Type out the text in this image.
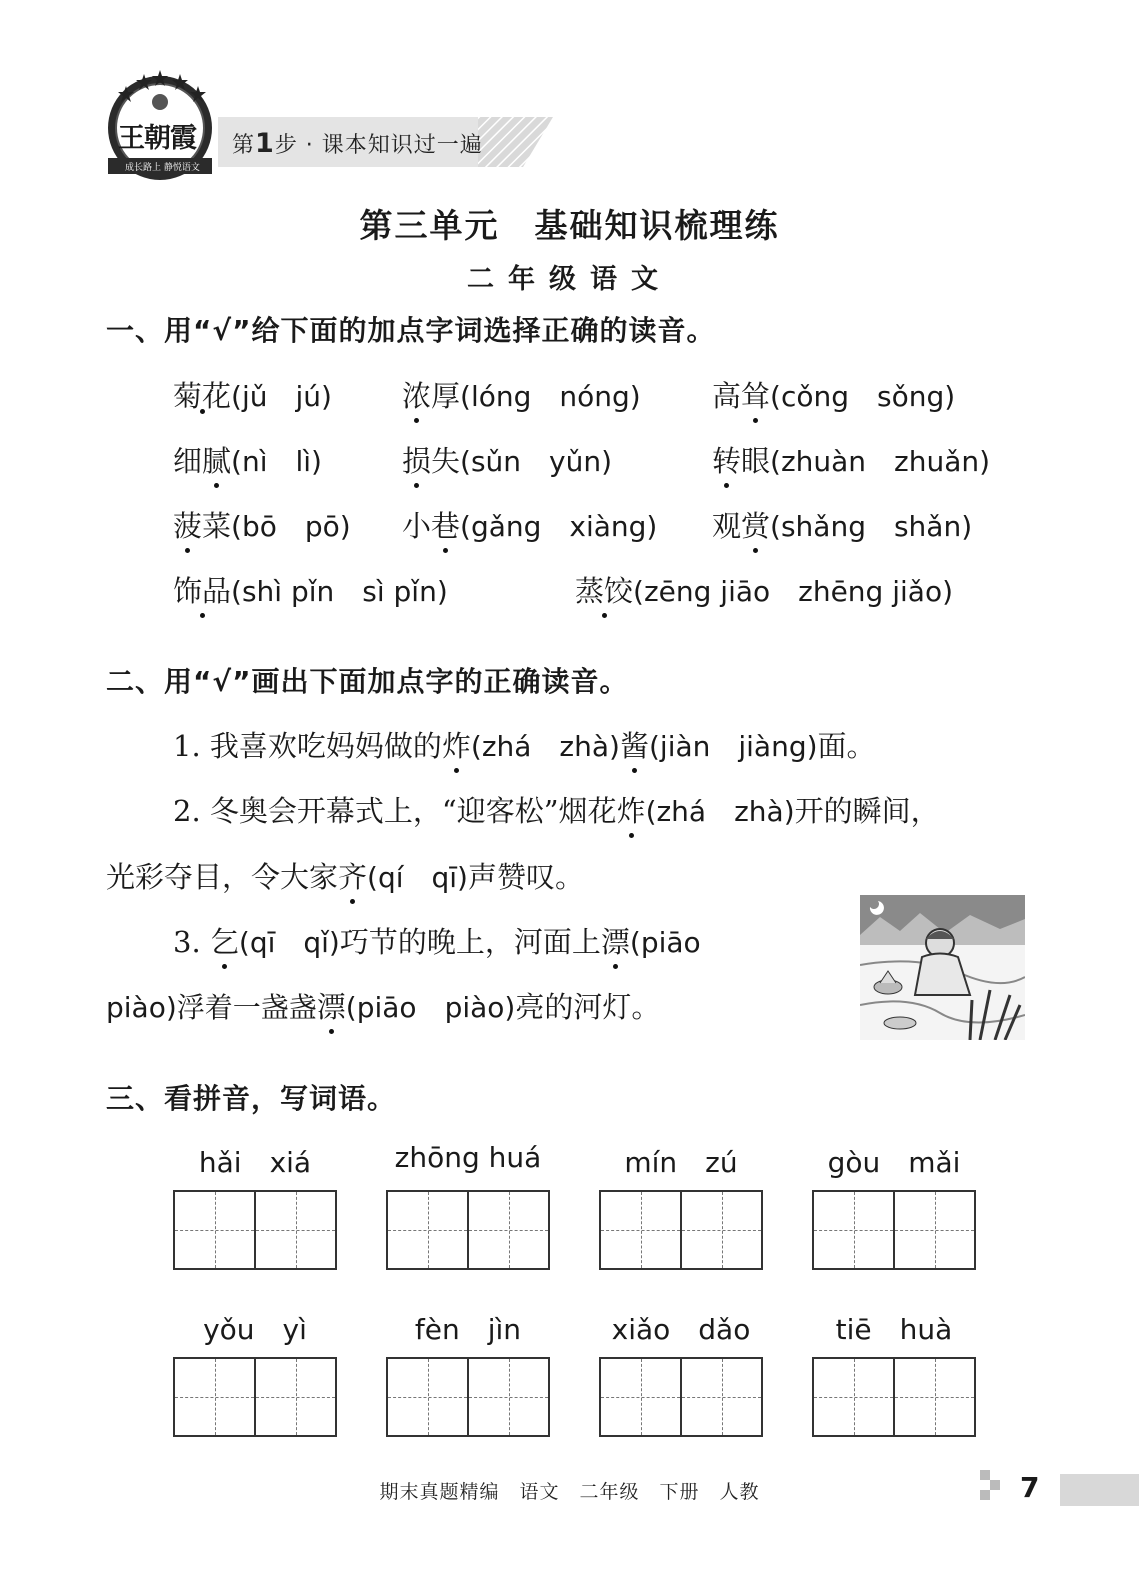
王朝霞
成长路上 静悦语文
第1步 · 课本知识过一遍
第三单元　基础知识梳理练
二年级语文
一、用“√”给下面的加点字词选择正确的读音。
菊花(jǔ　jú) 浓厚(lóng　nóng) 高耸(cǒng　sǒng)
细腻(nì　lì)	损失(sǔn　yǔn)	转眼(zhuàn　zhuǎn)
菠菜(bō　pō) 小巷(gǎng　xiàng) 观赏(shǎng　shǎn)
饰品(shì pǐn　sì pǐn)	蒸饺(zēng jiāo　zhēng jiǎo)
二、用“√”画出下面加点字的正确读音。
1. 我喜欢吃妈妈做的炸(zhá　zhà)酱(jiàn　jiàng)面。
2. 冬奥会开幕式上，“迎客松”烟花炸(zhá　zhà)开的瞬间，
光彩夺目，令大家齐(qí　qī)声赞叹。
3. 乞(qī　qǐ)巧节的晚上，河面上漂(piāo
piào)浮着一盏盏漂(piāo　piào)亮的河灯。
三、看拼音，写词语。
hǎi　xiá	zhōng huá	mín　zú	gòu　mǎi
yǒu　yì	fèn　jìn	xiǎo　dǎo	tiē　huà
期末真题精编　语文　二年级　下册　人教	7
